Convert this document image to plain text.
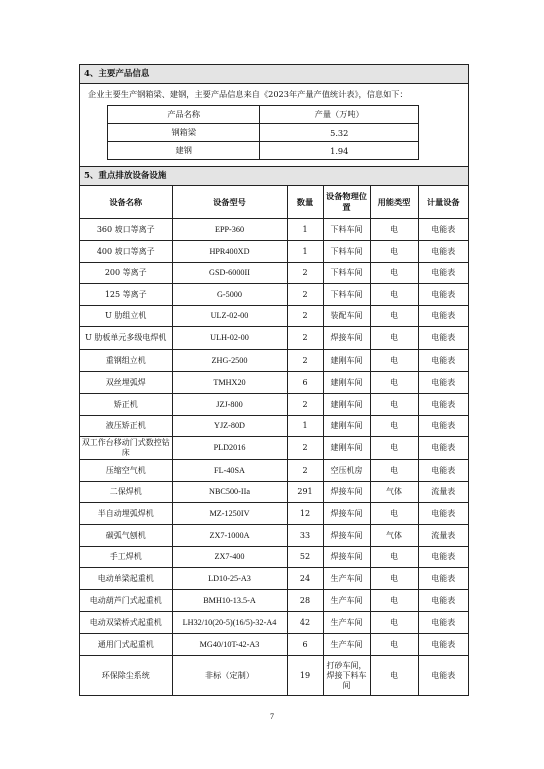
4、主要产品信息
企业主要生产钢箱梁、建钢，主要产品信息来自《2023年产量产值统计表》，信息如下：
产品名称	产量（万吨）
钢箱梁	5.32
建钢	1.94
5、重点排放设备设施
设备名称	设备型号	数量	设备物理位置	用能类型	计量设备
360 坡口等离子	EPP-360	1	下料车间	电	电能表
400 坡口等离子	HPR400XD	1	下料车间	电	电能表
200 等离子	GSD-6000II	2	下料车间	电	电能表
125 等离子	G-5000	2	下料车间	电	电能表
U 肋组立机	ULZ-02-00	2	装配车间	电	电能表
U 肋板单元多级电焊机	ULH-02-00	2	焊接车间	电	电能表
重钢组立机	ZHG-2500	2	建刚车间	电	电能表
双丝埋弧焊	TMHX20	6	建刚车间	电	电能表
矫正机	JZJ-800	2	建刚车间	电	电能表
液压矫正机	YJZ-80D	1	建刚车间	电	电能表
双工作台移动门式数控钻床	PLD2016	2	建刚车间	电	电能表
压缩空气机	FL-40SA	2	空压机房	电	电能表
二保焊机	NBC500-IIa	291	焊接车间	气体	流量表
半自动埋弧焊机	MZ-1250IV	12	焊接车间	电	电能表
碳弧气刨机	ZX7-1000A	33	焊接车间	气体	流量表
手工焊机	ZX7-400	52	焊接车间	电	电能表
电动单梁起重机	LD10-25-A3	24	生产车间	电	电能表
电动葫芦门式起重机	BMH10-13.5-A	28	生产车间	电	电能表
电动双梁桥式起重机	LH32/10(20-5)(16/5)-32-A4	42	生产车间	电	电能表
通用门式起重机	MG40/10T-42-A3	6	生产车间	电	电能表
环保除尘系统	非标（定制）	19	打砂车间，焊接下料车间	电	电能表
7
